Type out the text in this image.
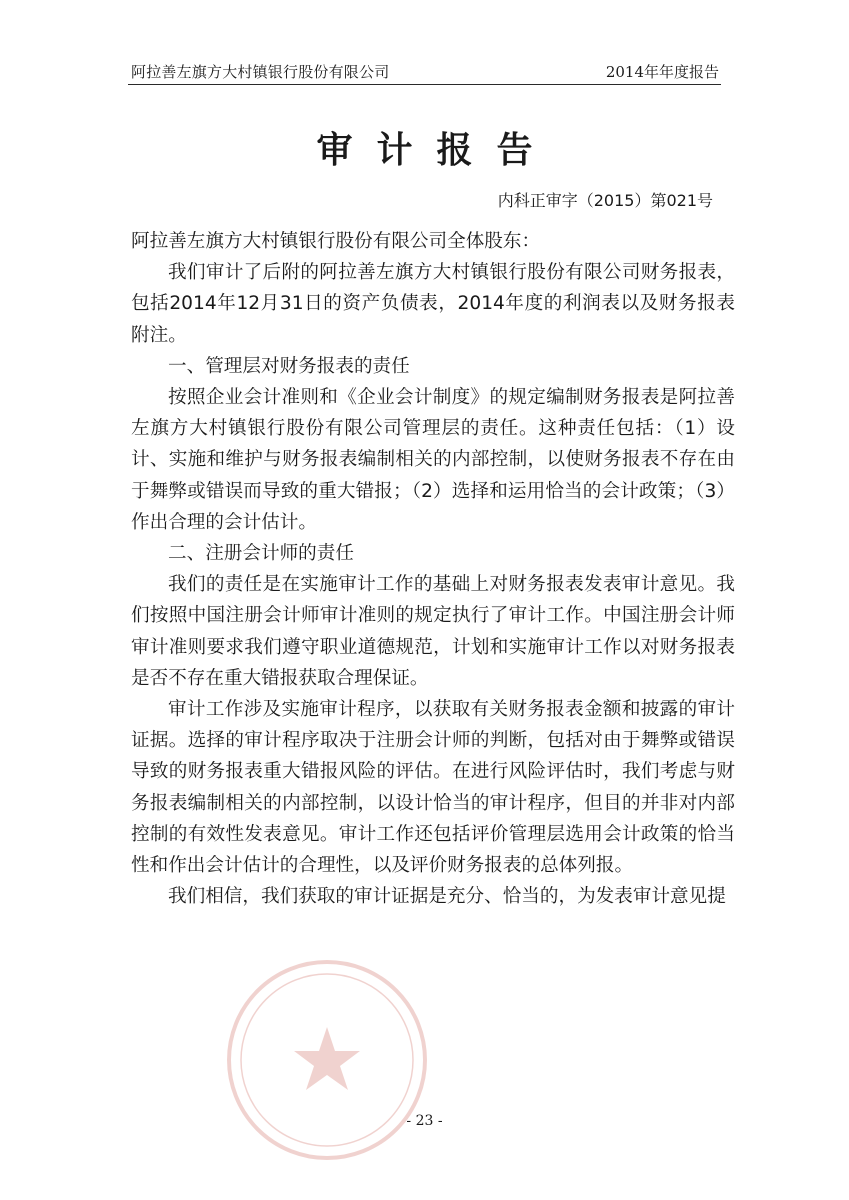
阿拉善左旗方大村镇银行股份有限公司	2014年年度报告
审计报告
内科正审字（2015）第021号

阿拉善左旗方大村镇银行股份有限公司全体股东：

我们审计了后附的阿拉善左旗方大村镇银行股份有限公司财务报表，包括2014年12月31日的资产负债表，2014年度的利润表以及财务报表附注。

一、管理层对财务报表的责任

按照企业会计准则和《企业会计制度》的规定编制财务报表是阿拉善左旗方大村镇银行股份有限公司管理层的责任。这种责任包括：（1）设计、实施和维护与财务报表编制相关的内部控制，以使财务报表不存在由于舞弊或错误而导致的重大错报；（2）选择和运用恰当的会计政策；（3）作出合理的会计估计。

二、注册会计师的责任

我们的责任是在实施审计工作的基础上对财务报表发表审计意见。我们按照中国注册会计师审计准则的规定执行了审计工作。中国注册会计师审计准则要求我们遵守职业道德规范，计划和实施审计工作以对财务报表是否不存在重大错报获取合理保证。

审计工作涉及实施审计程序，以获取有关财务报表金额和披露的审计证据。选择的审计程序取决于注册会计师的判断，包括对由于舞弊或错误导致的财务报表重大错报风险的评估。在进行风险评估时，我们考虑与财务报表编制相关的内部控制，以设计恰当的审计程序，但目的并非对内部控制的有效性发表意见。审计工作还包括评价管理层选用会计政策的恰当性和作出会计估计的合理性，以及评价财务报表的总体列报。

我们相信，我们获取的审计证据是充分、恰当的，为发表审计意见提

- 23 -
